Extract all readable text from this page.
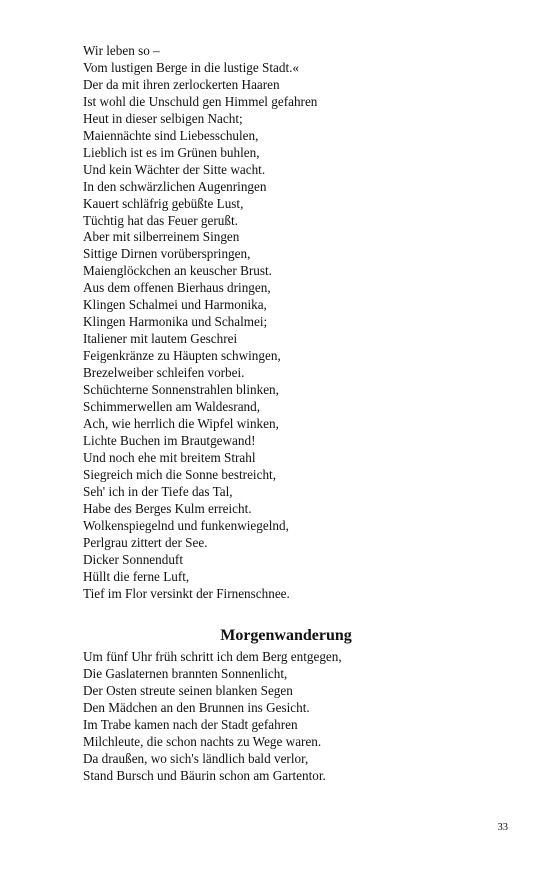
Wir leben so –
Vom lustigen Berge in die lustige Stadt.«
Der da mit ihren zerlockerten Haaren
Ist wohl die Unschuld gen Himmel gefahren
Heut in dieser selbigen Nacht;
Maiennächte sind Liebesschulen,
Lieblich ist es im Grünen buhlen,
Und kein Wächter der Sitte wacht.
In den schwärzlichen Augenringen
Kauert schläfrig gebüßte Lust,
Tüchtig hat das Feuer gerußt.
Aber mit silberreinem Singen
Sittige Dirnen vorüberspringen,
Maienglöckchen an keuscher Brust.
Aus dem offenen Bierhaus dringen,
Klingen Schalmei und Harmonika,
Klingen Harmonika und Schalmei;
Italiener mit lautem Geschrei
Feigenkränze zu Häupten schwingen,
Brezelweiber schleifen vorbei.
Schüchterne Sonnenstrahlen blinken,
Schimmerwellen am Waldesrand,
Ach, wie herrlich die Wipfel winken,
Lichte Buchen im Brautgewand!
Und noch ehe mit breitem Strahl
Siegreich mich die Sonne bestreicht,
Seh' ich in der Tiefe das Tal,
Habe des Berges Kulm erreicht.
Wolkenspiegelnd und funkenwiegelnd,
Perlgrau zittert der See.
Dicker Sonnenduft
Hüllt die ferne Luft,
Tief im Flor versinkt der Firnenschnee.
Morgenwanderung
Um fünf Uhr früh schritt ich dem Berg entgegen,
Die Gaslaternen brannten Sonnenlicht,
Der Osten streute seinen blanken Segen
Den Mädchen an den Brunnen ins Gesicht.
Im Trabe kamen nach der Stadt gefahren
Milchleute, die schon nachts zu Wege waren.
Da draußen, wo sich's ländlich bald verlor,
Stand Bursch und Bäurin schon am Gartentor.
33
